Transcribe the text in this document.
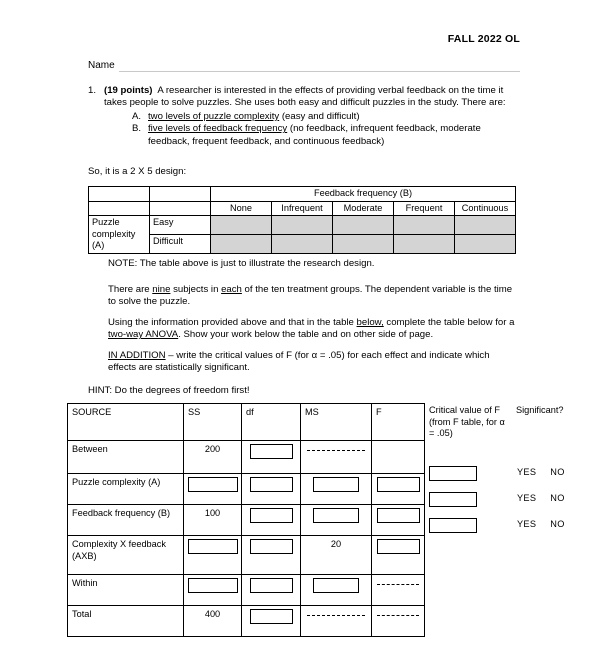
FALL 2022 OL
Name
1. (19 points) A researcher is interested in the effects of providing verbal feedback on the time it takes people to solve puzzles. She uses both easy and difficult puzzles in the study. There are:
A. two levels of puzzle complexity (easy and difficult)
B. five levels of feedback frequency (no feedback, infrequent feedback, moderate feedback, frequent feedback, and continuous feedback)
So, it is a 2 X 5 design:
		Feedback frequency (B)				
		None	Infrequent	Moderate	Frequent	Continuous
Puzzle complexity (A)	Easy					
	Difficult					
NOTE: The table above is just to illustrate the research design.
There are nine subjects in each of the ten treatment groups. The dependent variable is the time to solve the puzzle.
Using the information provided above and that in the table below, complete the table below for a two-way ANOVA. Show your work below the table and on other side of page.
IN ADDITION – write the critical values of F (for α = .05) for each effect and indicate which effects are statistically significant.
HINT: Do the degrees of freedom first!
SOURCE	SS	df	MS	F
Between	200	

Puzzle complexity (A)	

Feedback frequency (B)	100	

Complexity X feedback (AXB)			20	

Within	

Total	400	

Critical value of F (from F table, for α = .05)
Significant?
YES NO
YES NO
YES NO
